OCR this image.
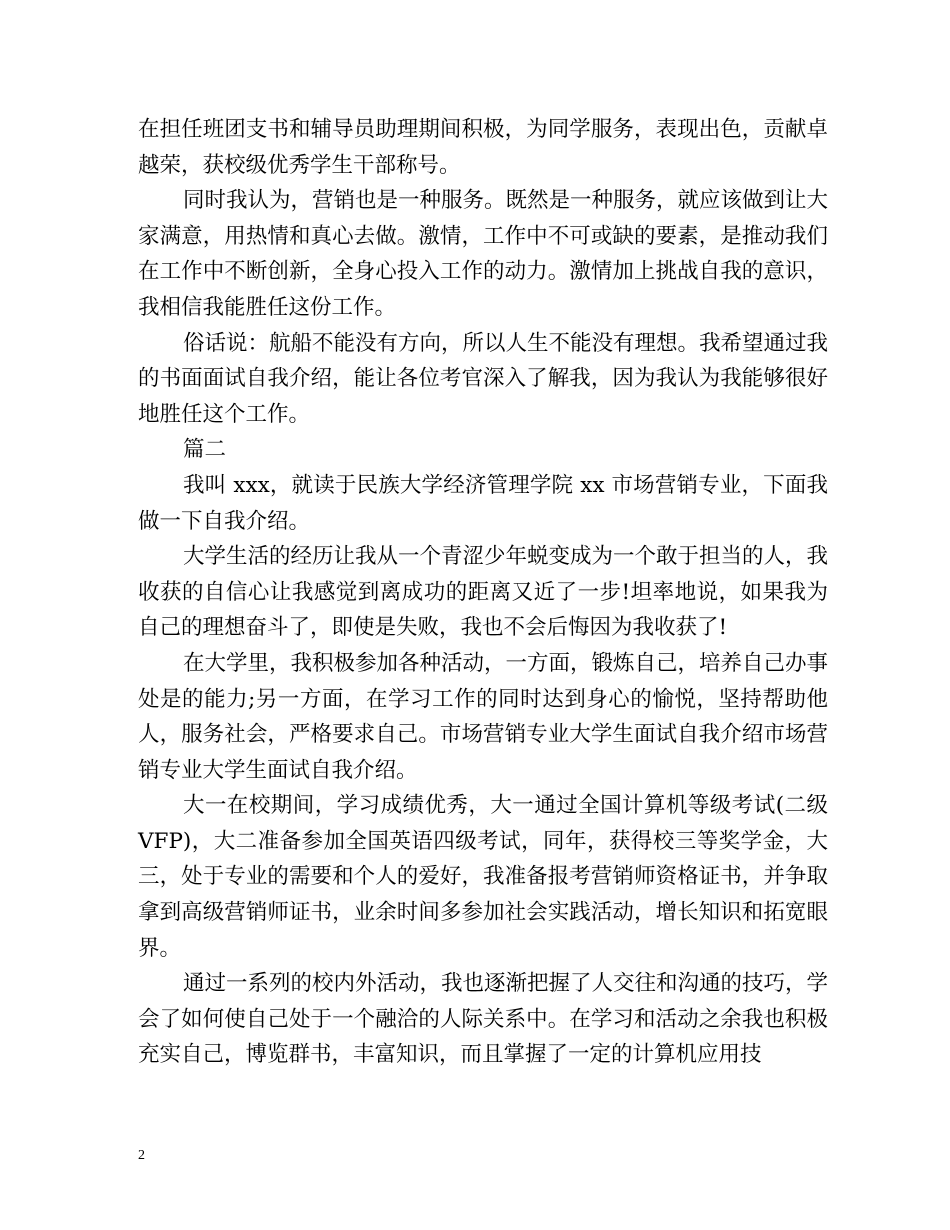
在担任班团支书和辅导员助理期间积极，为同学服务，表现出色，贡献卓越荣，获校级优秀学生干部称号。

同时我认为，营销也是一种服务。既然是一种服务，就应该做到让大家满意，用热情和真心去做。激情，工作中不可或缺的要素，是推动我们在工作中不断创新，全身心投入工作的动力。激情加上挑战自我的意识，我相信我能胜任这份工作。

俗话说：航船不能没有方向，所以人生不能没有理想。我希望通过我的书面面试自我介绍，能让各位考官深入了解我，因为我认为我能够很好地胜任这个工作。

篇二

我叫 xxx，就读于民族大学经济管理学院 xx 市场营销专业，下面我做一下自我介绍。

大学生活的经历让我从一个青涩少年蜕变成为一个敢于担当的人，我收获的自信心让我感觉到离成功的距离又近了一步!坦率地说，如果我为自己的理想奋斗了，即使是失败，我也不会后悔因为我收获了!

在大学里，我积极参加各种活动，一方面，锻炼自己，培养自己办事处是的能力;另一方面，在学习工作的同时达到身心的愉悦，坚持帮助他人，服务社会，严格要求自己。市场营销专业大学生面试自我介绍市场营销专业大学生面试自我介绍。

大一在校期间，学习成绩优秀，大一通过全国计算机等级考试(二级 VFP)，大二准备参加全国英语四级考试，同年，获得校三等奖学金，大三，处于专业的需要和个人的爱好，我准备报考营销师资格证书，并争取拿到高级营销师证书，业余时间多参加社会实践活动，增长知识和拓宽眼界。

通过一系列的校内外活动，我也逐渐把握了人交往和沟通的技巧，学会了如何使自己处于一个融洽的人际关系中。在学习和活动之余我也积极充实自己，博览群书，丰富知识，而且掌握了一定的计算机应用技

2
